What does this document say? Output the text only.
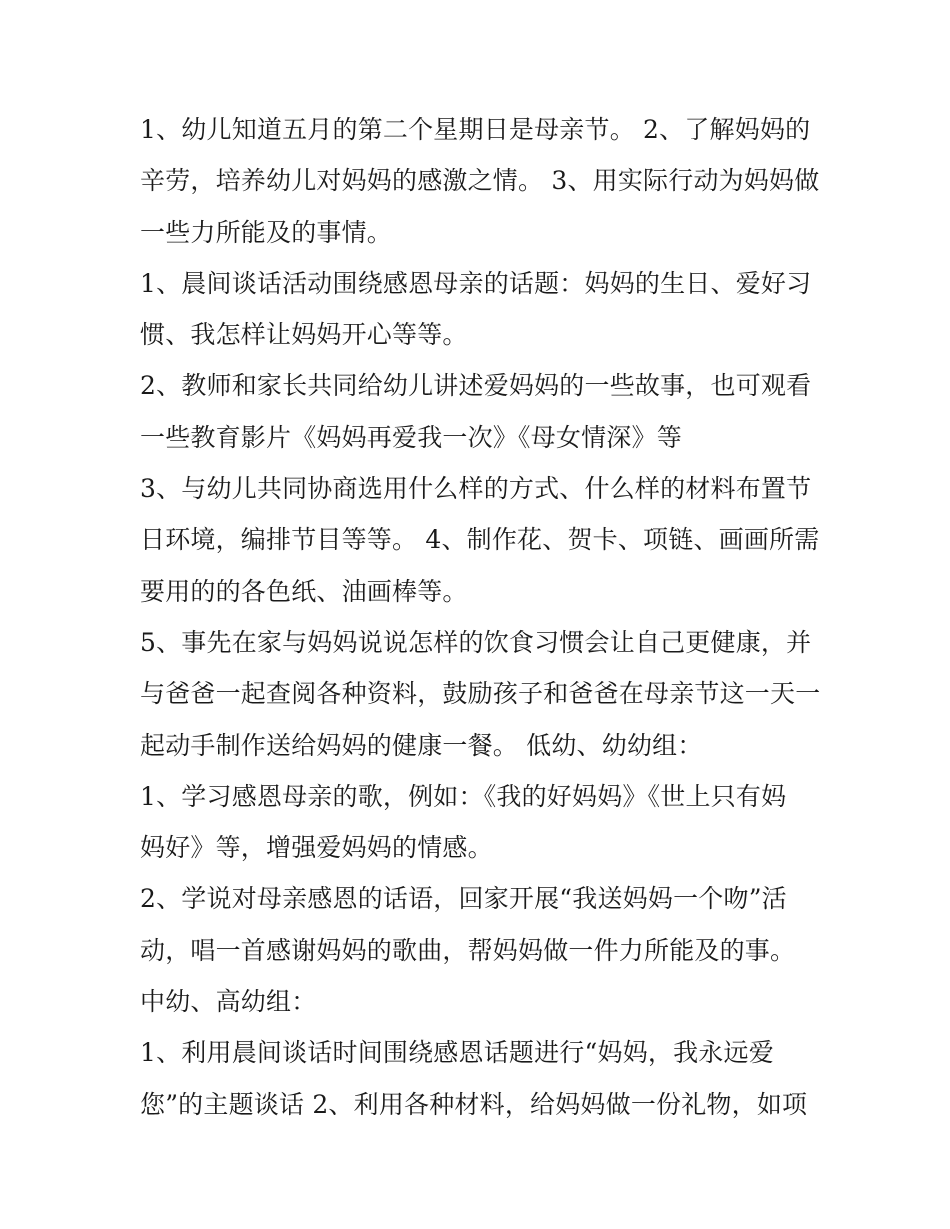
1、幼儿知道五月的第二个星期日是母亲节。 2、了解妈妈的
辛劳，培养幼儿对妈妈的感激之情。 3、用实际行动为妈妈做
一些力所能及的事情。
1、晨间谈话活动围绕感恩母亲的话题：妈妈的生日、爱好习
惯、我怎样让妈妈开心等等。
2、教师和家长共同给幼儿讲述爱妈妈的一些故事，也可观看
一些教育影片《妈妈再爱我一次》《母女情深》等
3、与幼儿共同协商选用什么样的方式、什么样的材料布置节
日环境，编排节目等等。 4、制作花、贺卡、项链、画画所需
要用的的各色纸、油画棒等。
5、事先在家与妈妈说说怎样的饮食习惯会让自己更健康，并
与爸爸一起查阅各种资料，鼓励孩子和爸爸在母亲节这一天一
起动手制作送给妈妈的健康一餐。 低幼、幼幼组：
1、学习感恩母亲的歌，例如：《我的好妈妈》《世上只有妈
妈好》等，增强爱妈妈的情感。
2、学说对母亲感恩的话语，回家开展“我送妈妈一个吻”活
动，唱一首感谢妈妈的歌曲，帮妈妈做一件力所能及的事。
中幼、高幼组：
1、利用晨间谈话时间围绕感恩话题进行“妈妈，我永远爱
您”的主题谈话 2、利用各种材料，给妈妈做一份礼物，如项
